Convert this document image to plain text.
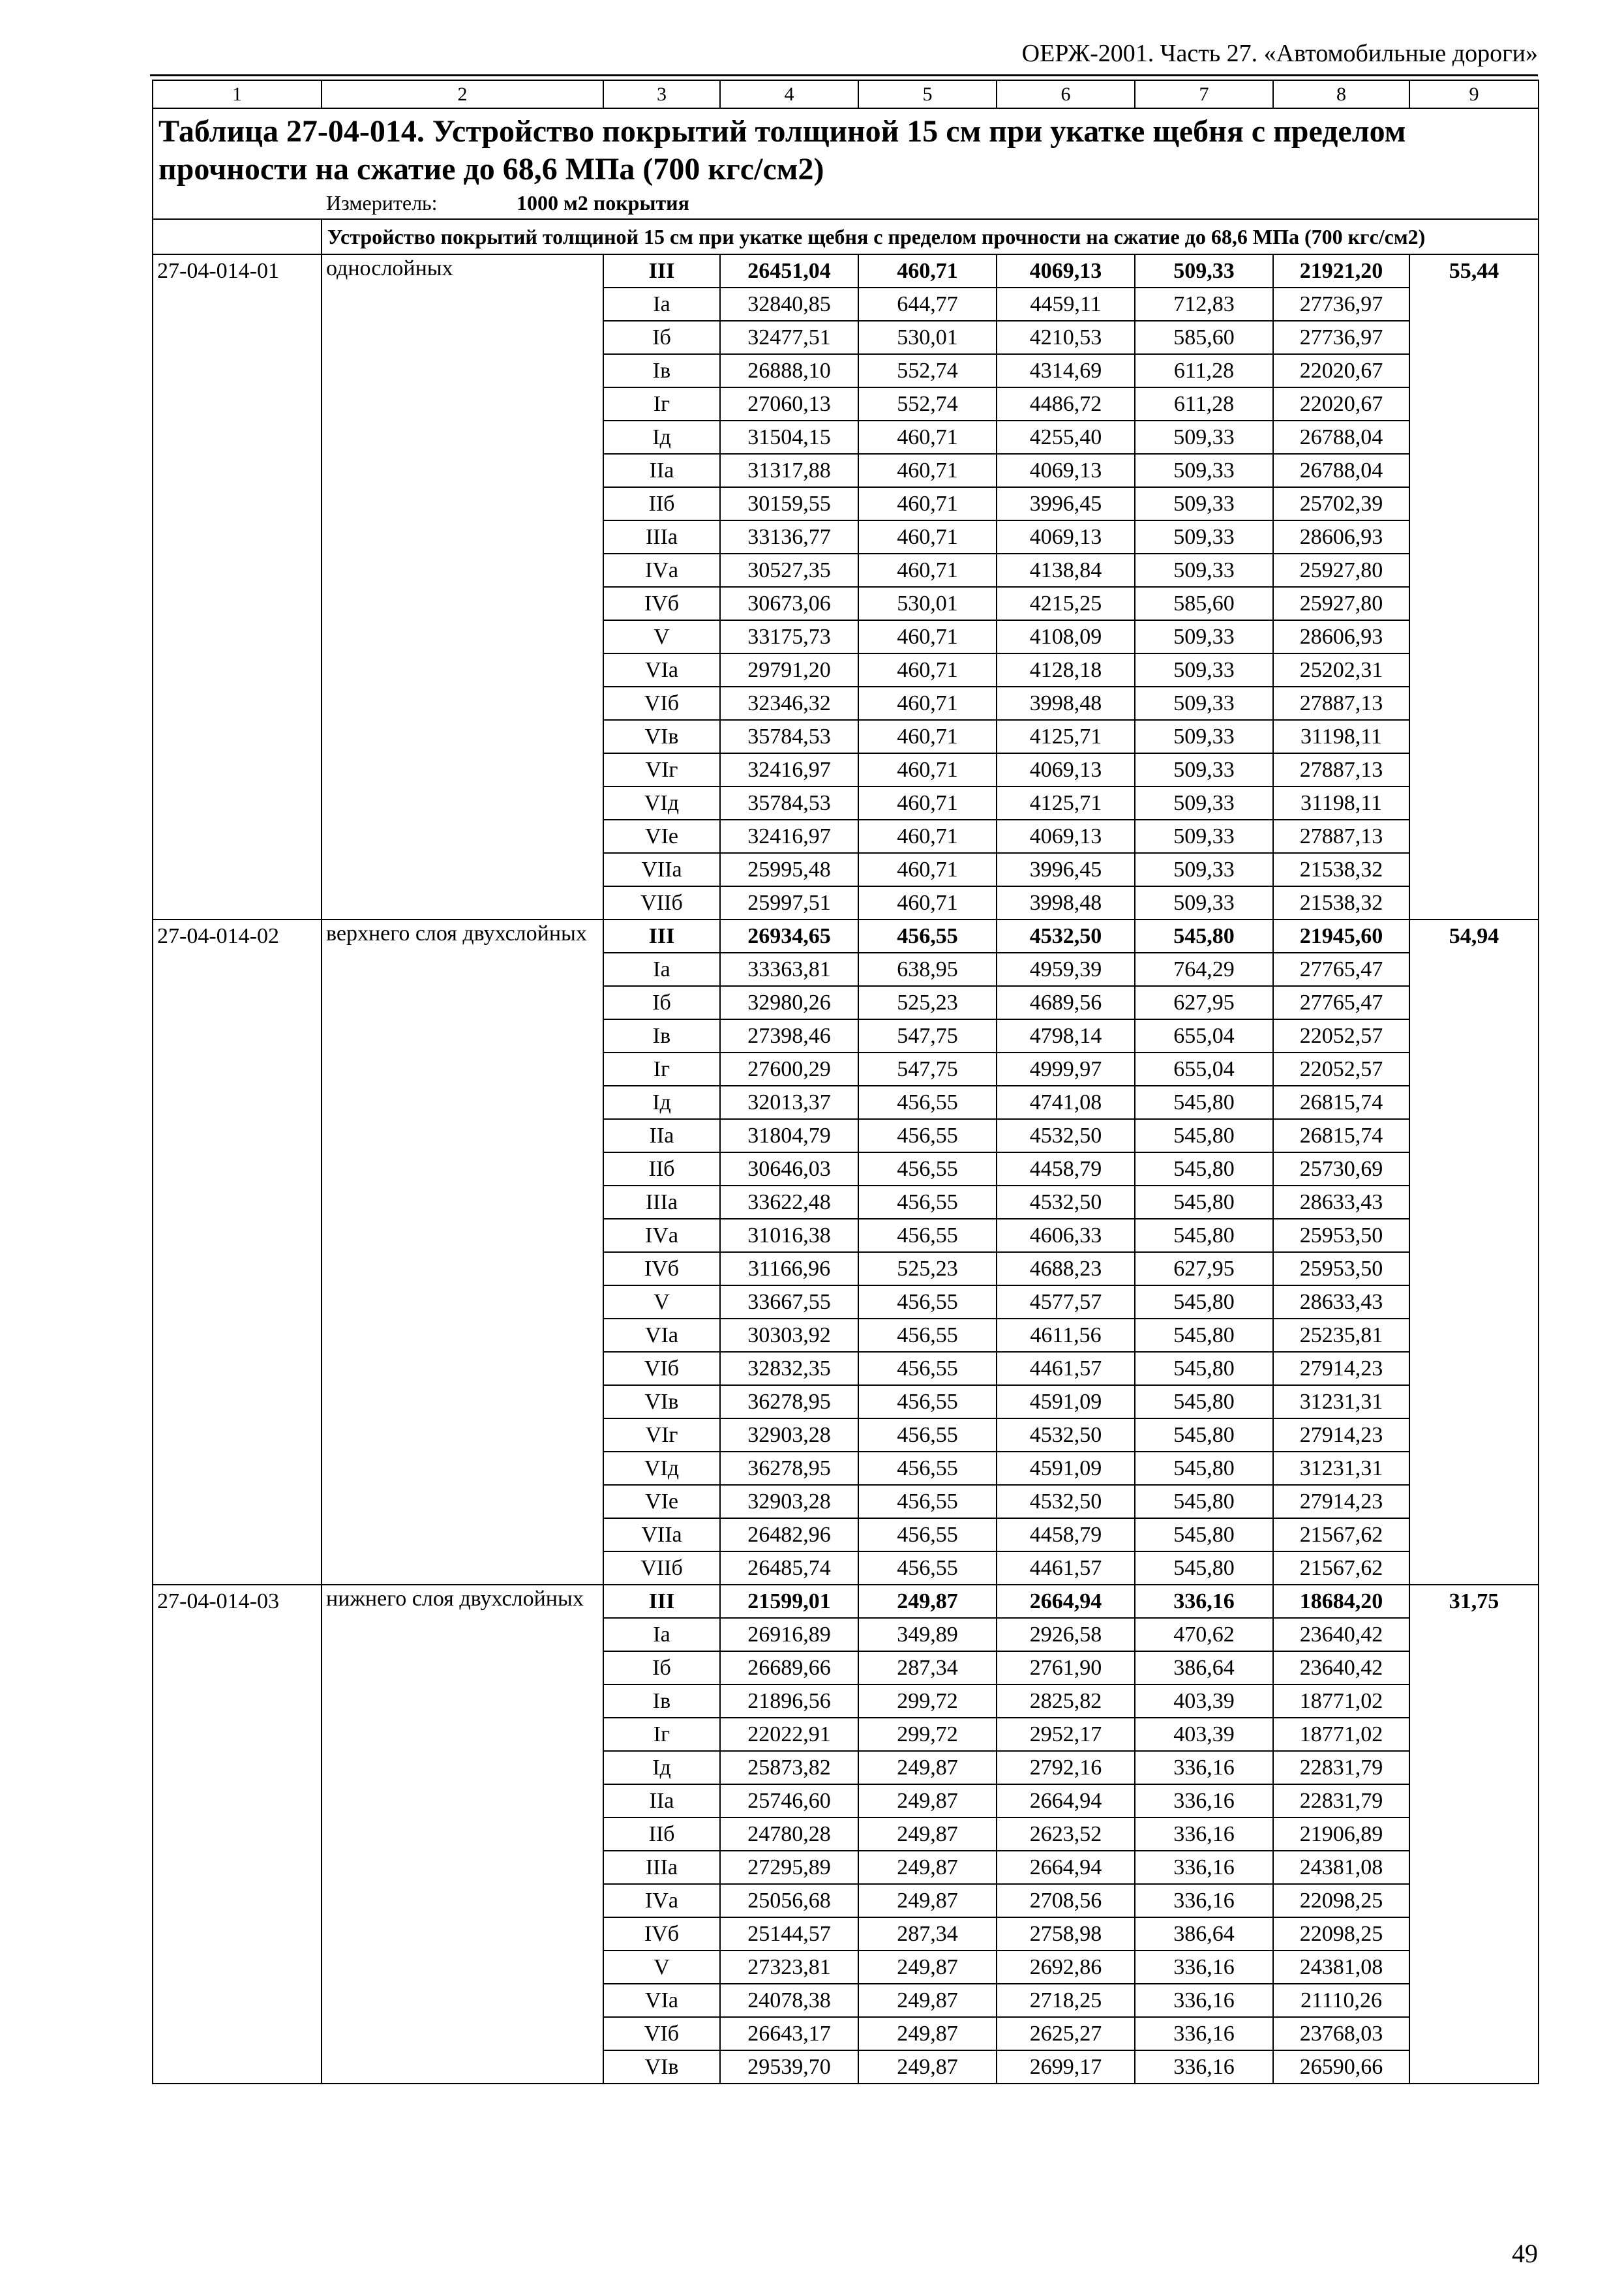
ОЕРЖ-2001. Часть 27. «Автомобильные дороги»
1	2	3	4	5	6	7	8	9

Таблица 27-04-014. Устройство покрытий толщиной 15 см при укатке щебня с пределом прочности на сжатие до 68,6 МПа (700 кгс/см2)
Измеритель: 1000 м2 покрытия								

	Устройство покрытий толщиной 15 см при укатке щебня с пределом прочности на сжатие до 68,6 МПа (700 кгс/см2)							
27-04-014-01	однослойных	III	26451,04	460,71	4069,13	509,33	21921,20	55,44
		Iа	32840,85	644,77	4459,11	712,83	27736,97	
		Iб	32477,51	530,01	4210,53	585,60	27736,97	
		Iв	26888,10	552,74	4314,69	611,28	22020,67	
		Iг	27060,13	552,74	4486,72	611,28	22020,67	
		Iд	31504,15	460,71	4255,40	509,33	26788,04	
		IIа	31317,88	460,71	4069,13	509,33	26788,04	
		IIб	30159,55	460,71	3996,45	509,33	25702,39	
		IIIа	33136,77	460,71	4069,13	509,33	28606,93	
		IVа	30527,35	460,71	4138,84	509,33	25927,80	
		IVб	30673,06	530,01	4215,25	585,60	25927,80	
		V	33175,73	460,71	4108,09	509,33	28606,93	
		VIа	29791,20	460,71	4128,18	509,33	25202,31	
		VIб	32346,32	460,71	3998,48	509,33	27887,13	
		VIв	35784,53	460,71	4125,71	509,33	31198,11	
		VIг	32416,97	460,71	4069,13	509,33	27887,13	
		VIд	35784,53	460,71	4125,71	509,33	31198,11	
		VIе	32416,97	460,71	4069,13	509,33	27887,13	
		VIIа	25995,48	460,71	3996,45	509,33	21538,32	
		VIIб	25997,51	460,71	3998,48	509,33	21538,32	
27-04-014-02	верхнего слоя двухслойных	III	26934,65	456,55	4532,50	545,80	21945,60	54,94
		Iа	33363,81	638,95	4959,39	764,29	27765,47	
		Iб	32980,26	525,23	4689,56	627,95	27765,47	
		Iв	27398,46	547,75	4798,14	655,04	22052,57	
		Iг	27600,29	547,75	4999,97	655,04	22052,57	
		Iд	32013,37	456,55	4741,08	545,80	26815,74	
		IIа	31804,79	456,55	4532,50	545,80	26815,74	
		IIб	30646,03	456,55	4458,79	545,80	25730,69	
		IIIа	33622,48	456,55	4532,50	545,80	28633,43	
		IVа	31016,38	456,55	4606,33	545,80	25953,50	
		IVб	31166,96	525,23	4688,23	627,95	25953,50	
		V	33667,55	456,55	4577,57	545,80	28633,43	
		VIа	30303,92	456,55	4611,56	545,80	25235,81	
		VIб	32832,35	456,55	4461,57	545,80	27914,23	
		VIв	36278,95	456,55	4591,09	545,80	31231,31	
		VIг	32903,28	456,55	4532,50	545,80	27914,23	
		VIд	36278,95	456,55	4591,09	545,80	31231,31	
		VIе	32903,28	456,55	4532,50	545,80	27914,23	
		VIIа	26482,96	456,55	4458,79	545,80	21567,62	
		VIIб	26485,74	456,55	4461,57	545,80	21567,62	
27-04-014-03	нижнего слоя двухслойных	III	21599,01	249,87	2664,94	336,16	18684,20	31,75
		Iа	26916,89	349,89	2926,58	470,62	23640,42	
		Iб	26689,66	287,34	2761,90	386,64	23640,42	
		Iв	21896,56	299,72	2825,82	403,39	18771,02	
		Iг	22022,91	299,72	2952,17	403,39	18771,02	
		Iд	25873,82	249,87	2792,16	336,16	22831,79	
		IIа	25746,60	249,87	2664,94	336,16	22831,79	
		IIб	24780,28	249,87	2623,52	336,16	21906,89	
		IIIа	27295,89	249,87	2664,94	336,16	24381,08	
		IVа	25056,68	249,87	2708,56	336,16	22098,25	
		IVб	25144,57	287,34	2758,98	386,64	22098,25	
		V	27323,81	249,87	2692,86	336,16	24381,08	
		VIа	24078,38	249,87	2718,25	336,16	21110,26	
		VIб	26643,17	249,87	2625,27	336,16	23768,03	
		VIв	29539,70	249,87	2699,17	336,16	26590,66	
49
